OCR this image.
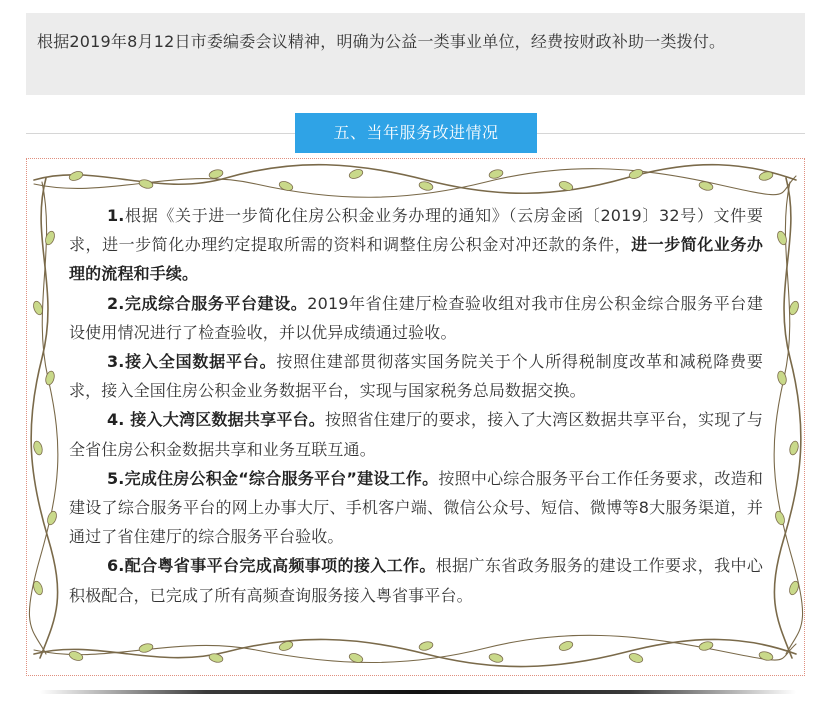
根据2019年8月12日市委编委会议精神，明确为公益一类事业单位，经费按财政补助一类拨付。
五、当年服务改进情况

1.根据《关于进一步简化住房公积金业务办理的通知》（云房金函〔2019〕32号）文件要求，进一步简化办理约定提取所需的资料和调整住房公积金对冲还款的条件，进一步简化业务办理的流程和手续。

2.完成综合服务平台建设。2019年省住建厅检查验收组对我市住房公积金综合服务平台建设使用情况进行了检查验收，并以优异成绩通过验收。

3.接入全国数据平台。按照住建部贯彻落实国务院关于个人所得税制度改革和减税降费要求，接入全国住房公积金业务数据平台，实现与国家税务总局数据交换。

4. 接入大湾区数据共享平台。按照省住建厅的要求，接入了大湾区数据共享平台，实现了与全省住房公积金数据共享和业务互联互通。

5.完成住房公积金“综合服务平台”建设工作。按照中心综合服务平台工作任务要求，改造和建设了综合服务平台的网上办事大厅、手机客户端、微信公众号、短信、微博等8大服务渠道，并通过了省住建厅的综合服务平台验收。

6.配合粤省事平台完成高频事项的接入工作。根据广东省政务服务的建设工作要求，我中心积极配合，已完成了所有高频查询服务接入粤省事平台。
